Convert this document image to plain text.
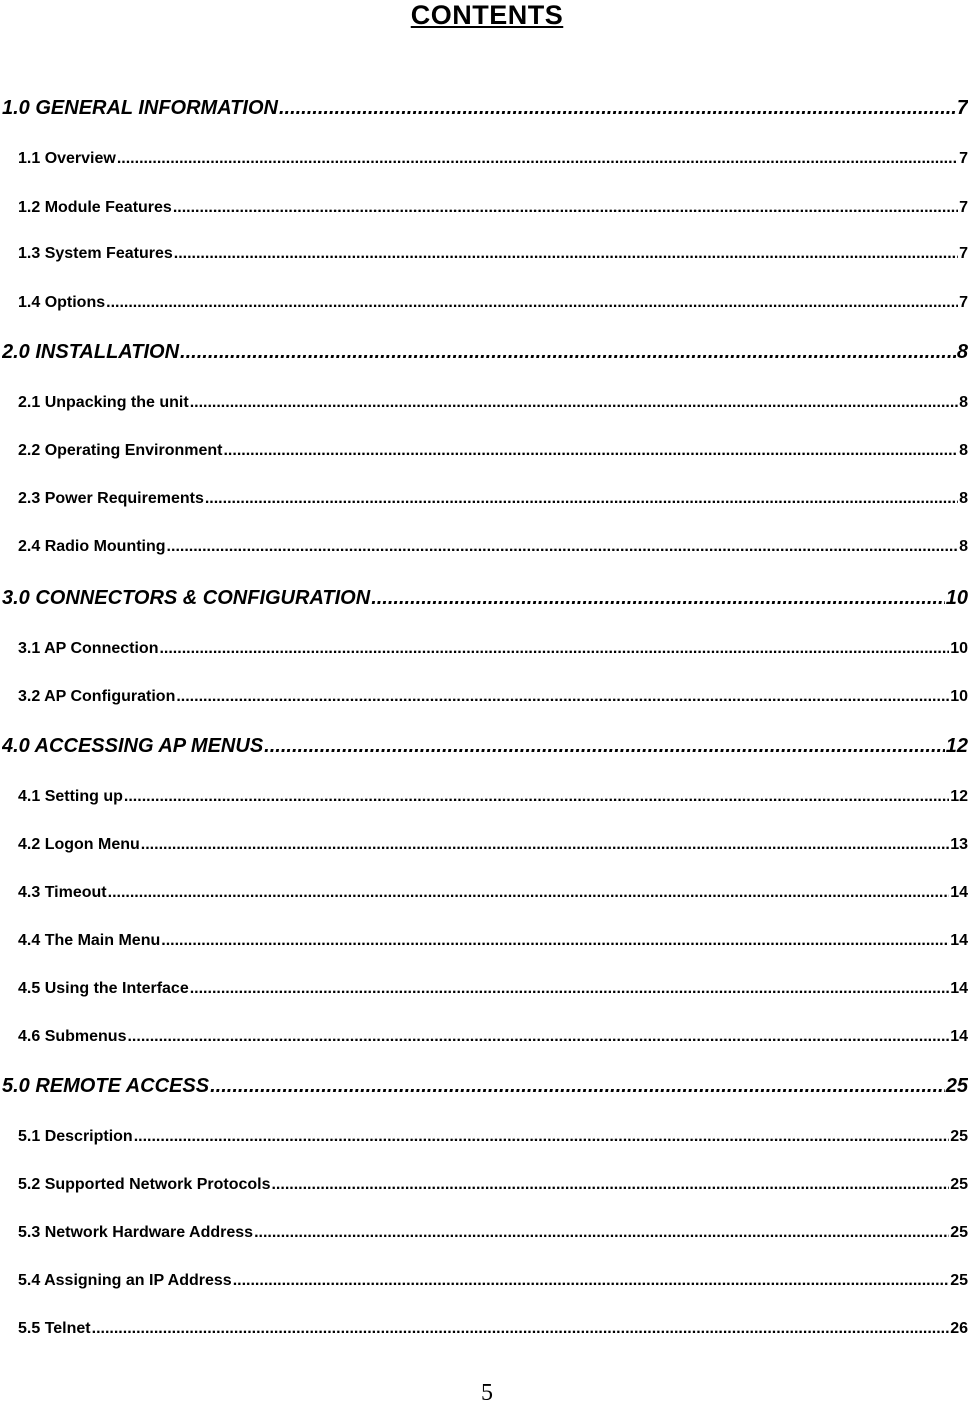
CONTENTS
1.0 GENERAL INFORMATION .....	7
1.1 Overview .....	7
1.2 Module Features .....	7
1.3 System Features .....	7
1.4 Options .....	7
2.0 INSTALLATION .....	8
2.1 Unpacking the unit .....	8
2.2 Operating Environment .....	8
2.3 Power Requirements .....	8
2.4 Radio Mounting .....	8
3.0 CONNECTORS & CONFIGURATION .....	10
3.1 AP Connection .....	10
3.2 AP Configuration .....	10
4.0 ACCESSING AP MENUS .....	12
4.1 Setting up .....	12
4.2 Logon Menu .....	13
4.3 Timeout .....	14
4.4 The Main Menu .....	14
4.5 Using the Interface .....	14
4.6 Submenus .....	14
5.0 REMOTE ACCESS .....	25
5.1 Description .....	25
5.2 Supported Network Protocols .....	25
5.3 Network Hardware Address .....	25
5.4 Assigning an IP Address .....	25
5.5 Telnet .....	26
5
